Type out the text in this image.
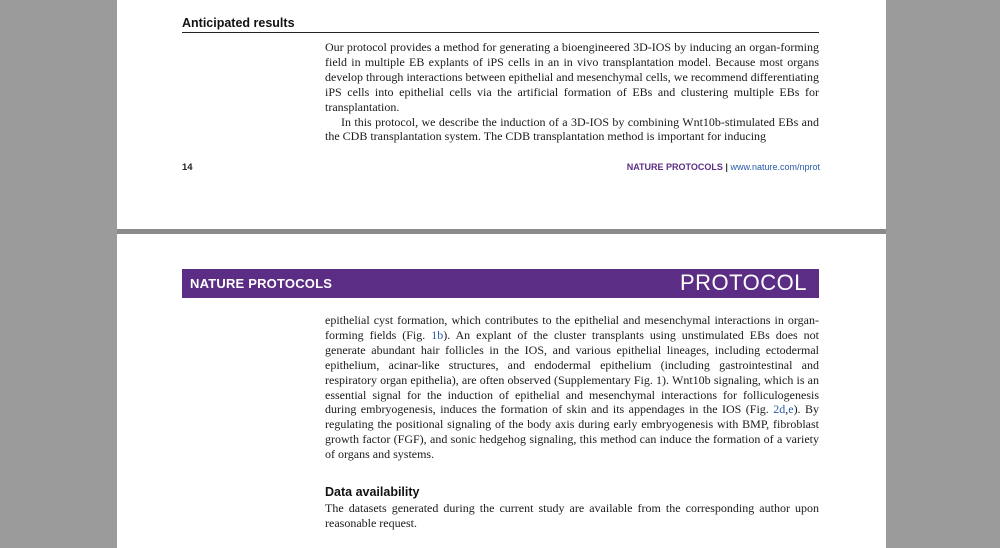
Anticipated results

Our protocol provides a method for generating a bioengineered 3D-IOS by inducing an organ-forming field in multiple EB explants of iPS cells in an in vivo transplantation model. Because most organs develop through interactions between epithelial and mesenchymal cells, we recommend differentiating iPS cells into epithelial cells via the artificial formation of EBs and clustering multiple EBs for transplantation.

In this protocol, we describe the induction of a 3D-IOS by combining Wnt10b-stimulated EBs and the CDB transplantation system. The CDB transplantation method is important for inducing

14	NATURE PROTOCOLS | www.nature.com/nprot
NATURE PROTOCOLS	PROTOCOL

epithelial cyst formation, which contributes to the epithelial and mesenchymal interactions in organ-forming fields (Fig. 1b). An explant of the cluster transplants using unstimulated EBs does not generate abundant hair follicles in the IOS, and various epithelial lineages, including ectodermal epithelium, acinar-like structures, and endodermal epithelium (including gastrointestinal and respiratory organ epithelia), are often observed (Supplementary Fig. 1). Wnt10b signaling, which is an essential signal for the induction of epithelial and mesenchymal interactions for folliculogenesis during embryogenesis, induces the formation of skin and its appendages in the IOS (Fig. 2d,e). By regulating the positional signaling of the body axis during early embryogenesis with BMP, fibroblast growth factor (FGF), and sonic hedgehog signaling, this method can induce the formation of a variety of organs and systems.

Data availability

The datasets generated during the current study are available from the corresponding author upon reasonable request.
